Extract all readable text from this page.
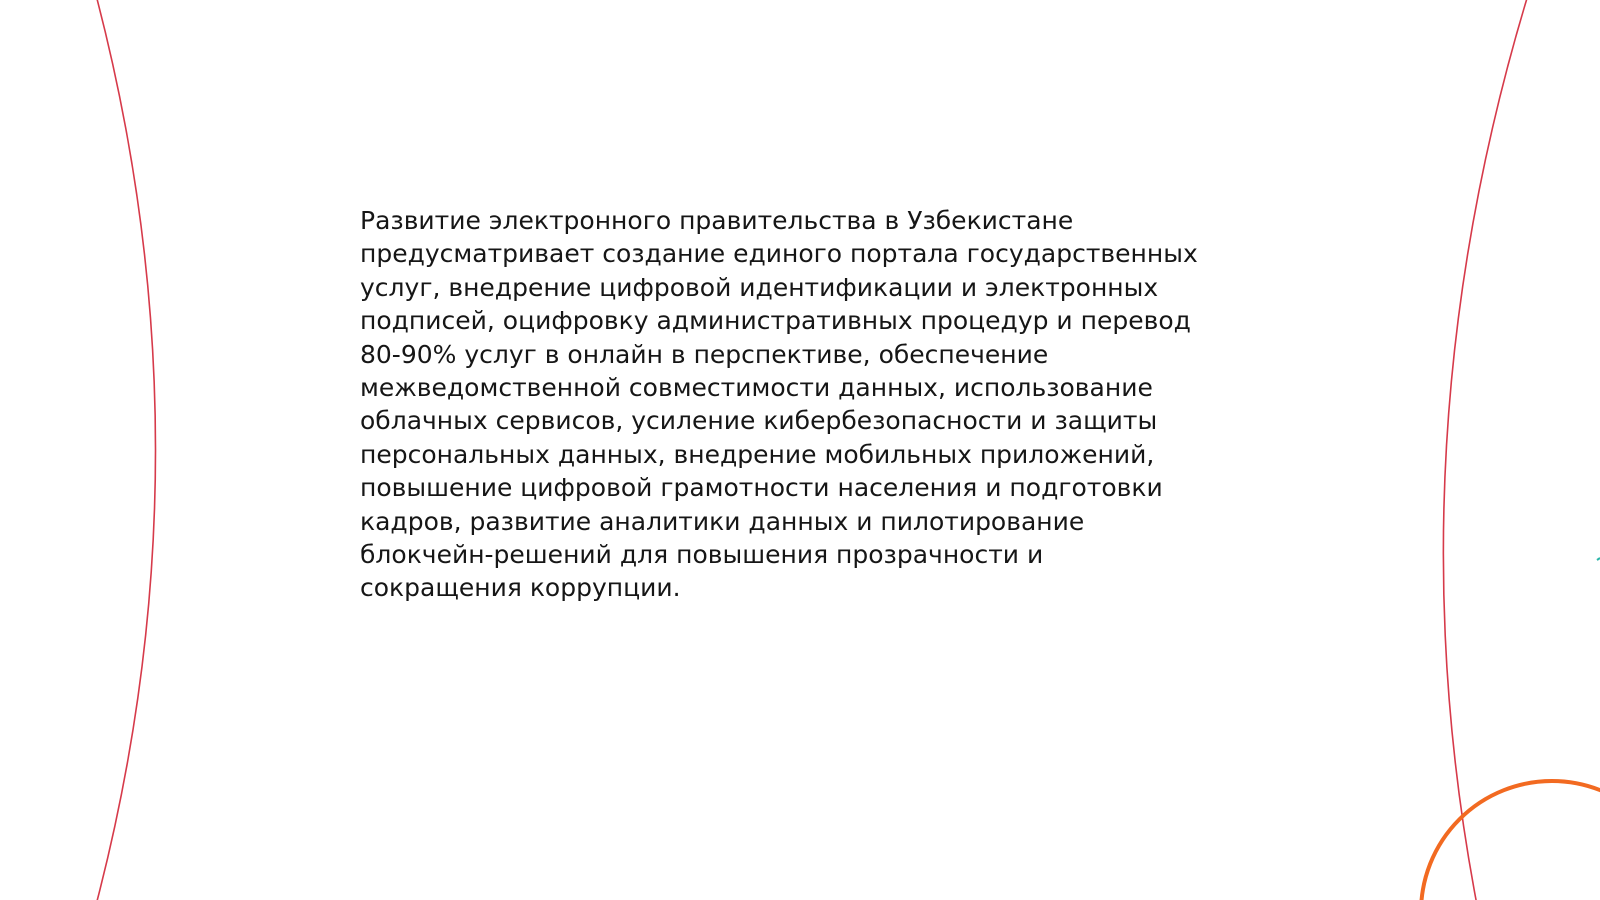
Развитие электронного правительства в Узбекистане
предусматривает создание единого портала государственных
услуг, внедрение цифровой идентификации и электронных
подписей, оцифровку административных процедур и перевод
80-90% услуг в онлайн в перспективе, обеспечение
межведомственной совместимости данных, использование
облачных сервисов, усиление кибербезопасности и защиты
персональных данных, внедрение мобильных приложений,
повышение цифровой грамотности населения и подготовки
кадров, развитие аналитики данных и пилотирование
блокчейн-решений для повышения прозрачности и
сокращения коррупции.
